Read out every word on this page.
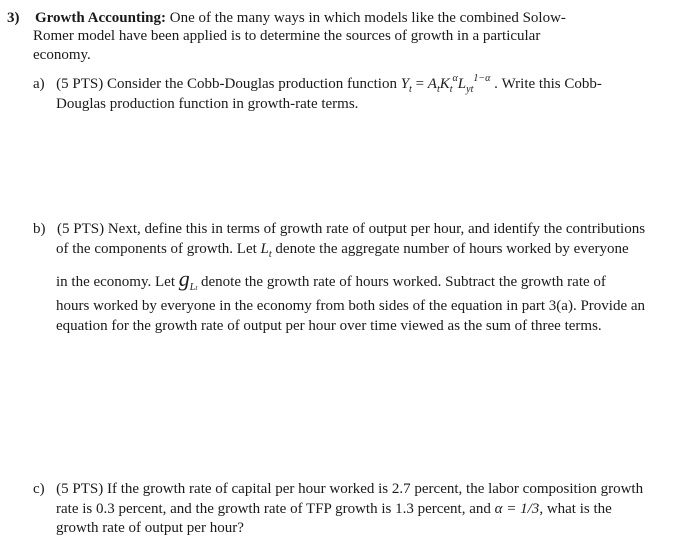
3) Growth Accounting: One of the many ways in which models like the combined Solow-
Romer model have been applied is to determine the sources of growth in a particular
economy.
a) (5 PTS) Consider the Cobb-Douglas production function $Y_t = A_tK_t^\alpha L_{yt}^{1-\alpha}$ . Write this Cobb-
Douglas production function in growth-rate terms.
b) (5 PTS) Next, define this in terms of growth rate of output per hour, and identify the contributions
of the components of growth. Let $L_t$ denote the aggregate number of hours worked by everyone
in the economy. Let $g_{Lt}$ denote the growth rate of hours worked. Subtract the growth rate of
hours worked by everyone in the economy from both sides of the equation in part 3(a). Provide an
equation for the growth rate of output per hour over time viewed as the sum of three terms.
c) (5 PTS) If the growth rate of capital per hour worked is 2.7 percent, the labor composition growth
rate is 0.3 percent, and the growth rate of TFP growth is 1.3 percent, and α = 1/3, what is the
growth rate of output per hour?
